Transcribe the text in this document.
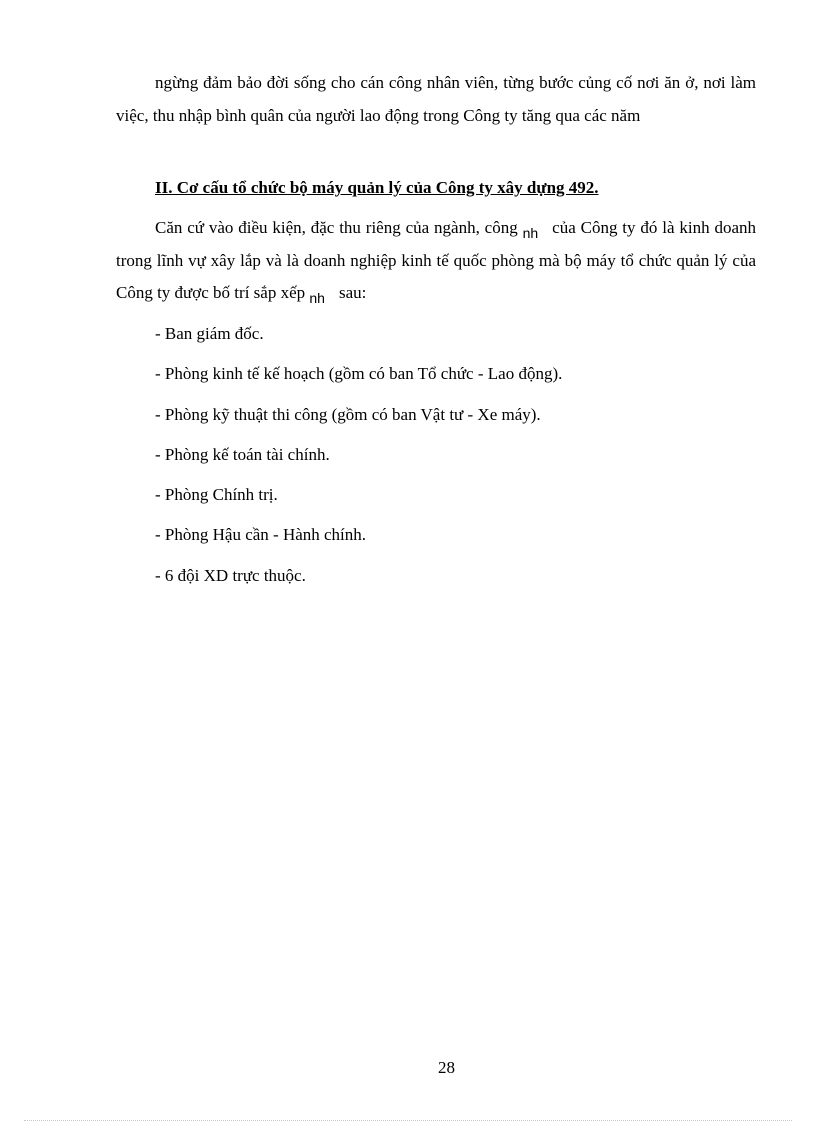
ngừng đảm bảo đời sống cho cán công nhân viên, từng bước củng cố nơi ăn ở, nơi làm việc, thu nhập bình quân của người lao động trong Công ty tăng qua các năm

II. Cơ cấu tổ chức bộ máy quản lý của Công ty xây dựng 492.

Căn cứ vào điều kiện, đặc thu riêng của ngành, công $_{nh}$ của Công ty đó là kinh doanh trong lĩnh vự xây lắp và là doanh nghiệp kinh tế quốc phòng mà bộ máy tổ chức quản lý của Công ty được bố trí sắp xếp $_{nh}$ sau:

- Ban giám đốc.
- Phòng kinh tế kế hoạch (gồm có ban Tổ chức - Lao động).
- Phòng kỹ thuật thi công (gồm có ban Vật tư - Xe máy).
- Phòng kế toán tài chính.
- Phòng Chính trị.
- Phòng Hậu cần - Hành chính.
- 6 đội XD trực thuộc.
28
